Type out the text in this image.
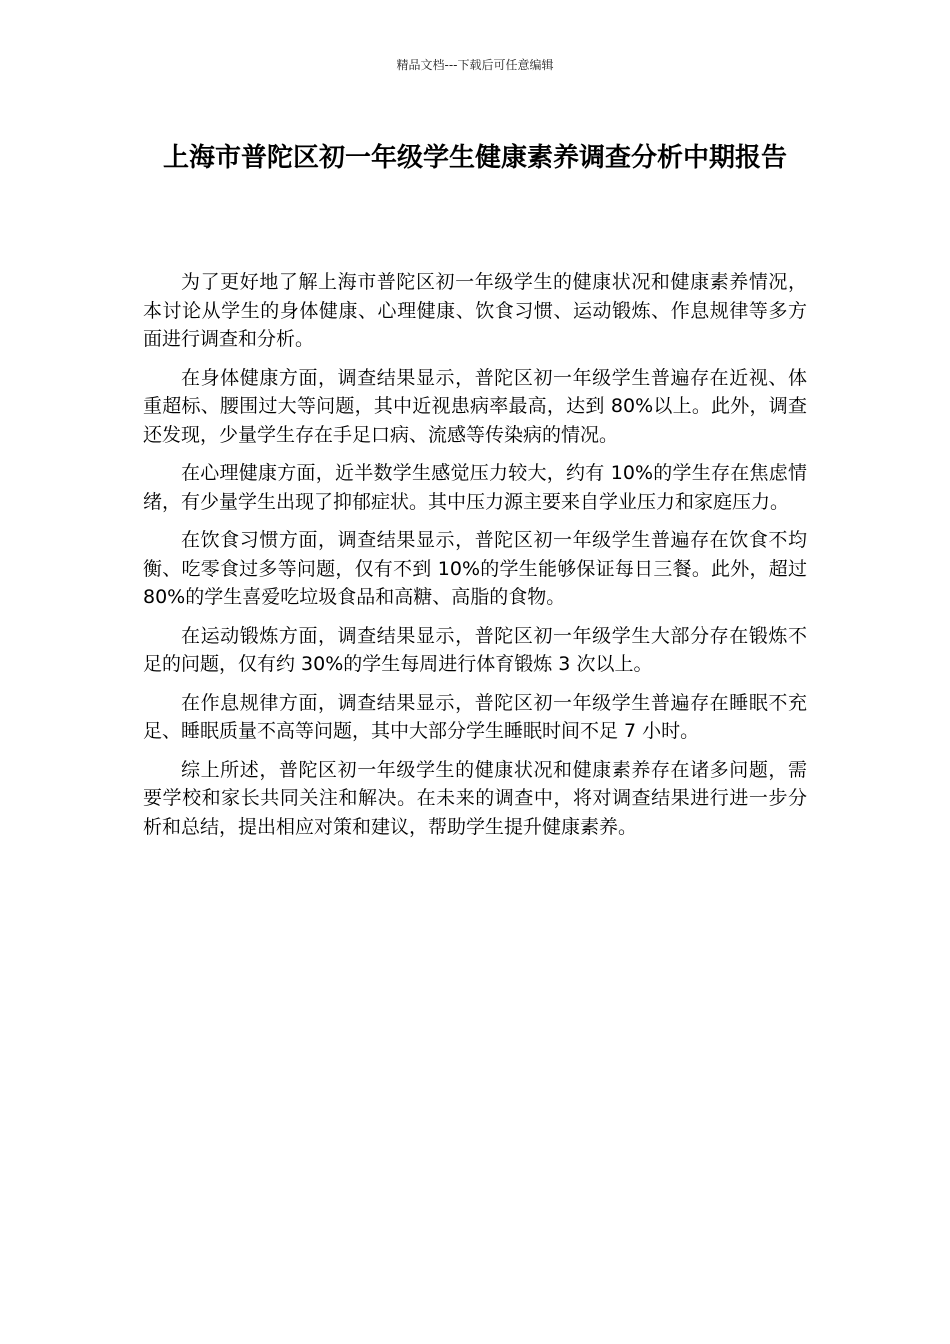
精品文档---下载后可任意编辑
上海市普陀区初一年级学生健康素养调查分析中期报告

为了更好地了解上海市普陀区初一年级学生的健康状况和健康素养情况，本讨论从学生的身体健康、心理健康、饮食习惯、运动锻炼、作息规律等多方面进行调查和分析。

在身体健康方面，调查结果显示，普陀区初一年级学生普遍存在近视、体重超标、腰围过大等问题，其中近视患病率最高，达到 80%以上。此外，调查还发现，少量学生存在手足口病、流感等传染病的情况。

在心理健康方面，近半数学生感觉压力较大，约有 10%的学生存在焦虑情绪，有少量学生出现了抑郁症状。其中压力源主要来自学业压力和家庭压力。

在饮食习惯方面，调查结果显示，普陀区初一年级学生普遍存在饮食不均衡、吃零食过多等问题，仅有不到 10%的学生能够保证每日三餐。此外，超过 80%的学生喜爱吃垃圾食品和高糖、高脂的食物。

在运动锻炼方面，调查结果显示，普陀区初一年级学生大部分存在锻炼不足的问题，仅有约 30%的学生每周进行体育锻炼 3 次以上。

在作息规律方面，调查结果显示，普陀区初一年级学生普遍存在睡眠不充足、睡眠质量不高等问题，其中大部分学生睡眠时间不足 7 小时。

综上所述，普陀区初一年级学生的健康状况和健康素养存在诸多问题，需要学校和家长共同关注和解决。在未来的调查中，将对调查结果进行进一步分析和总结，提出相应对策和建议，帮助学生提升健康素养。
